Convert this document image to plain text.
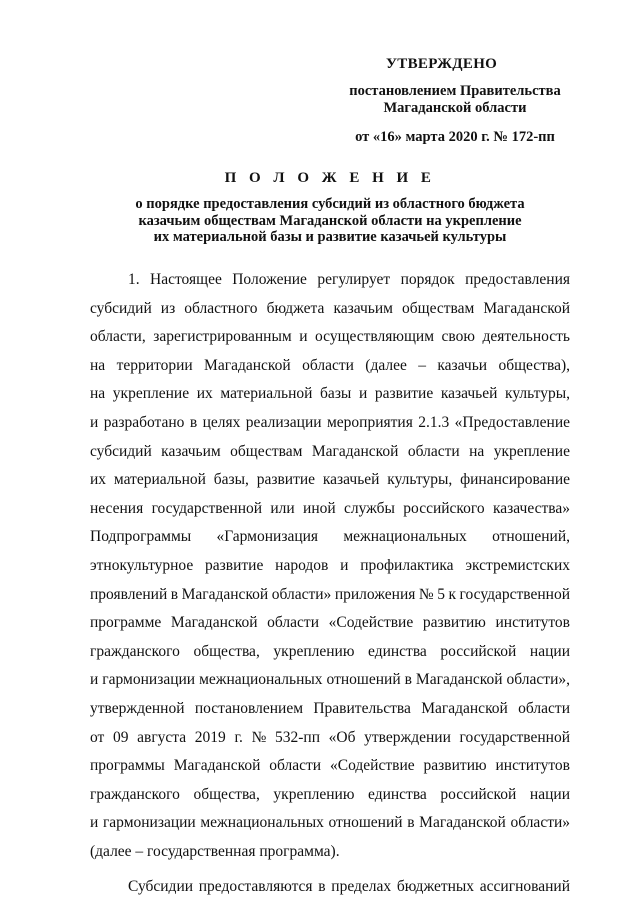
УТВЕРЖДЕНО
постановлением Правительства
Магаданской области
от «16» марта 2020 г. № 172-пп
П О Л О Ж Е Н И Е
о порядке предоставления субсидий из областного бюджета
казачьим обществам Магаданской области на укрепление
их материальной базы и развитие казачьей культуры
1. Настоящее Положение регулирует порядок предоставления
субсидий из областного бюджета казачьим обществам Магаданской
области, зарегистрированным и осуществляющим свою деятельность
на территории Магаданской области (далее – казачьи общества),
на укрепление их материальной базы и развитие казачьей культуры,
и разработано в целях реализации мероприятия 2.1.3 «Предоставление
субсидий казачьим обществам Магаданской области на укрепление
их материальной базы, развитие казачьей культуры, финансирование
несения государственной или иной службы российского казачества»
Подпрограммы «Гармонизация межнациональных отношений,
этнокультурное развитие народов и профилактика экстремистских
проявлений в Магаданской области» приложения № 5 к государственной
программе Магаданской области «Содействие развитию институтов
гражданского общества, укреплению единства российской нации
и гармонизации межнациональных отношений в Магаданской области»,
утвержденной постановлением Правительства Магаданской области
от 09 августа 2019 г. № 532-пп «Об утверждении государственной
программы Магаданской области «Содействие развитию институтов
гражданского общества, укреплению единства российской нации
и гармонизации межнациональных отношений в Магаданской области»
(далее – государственная программа).
Субсидии предоставляются в пределах бюджетных ассигнований
